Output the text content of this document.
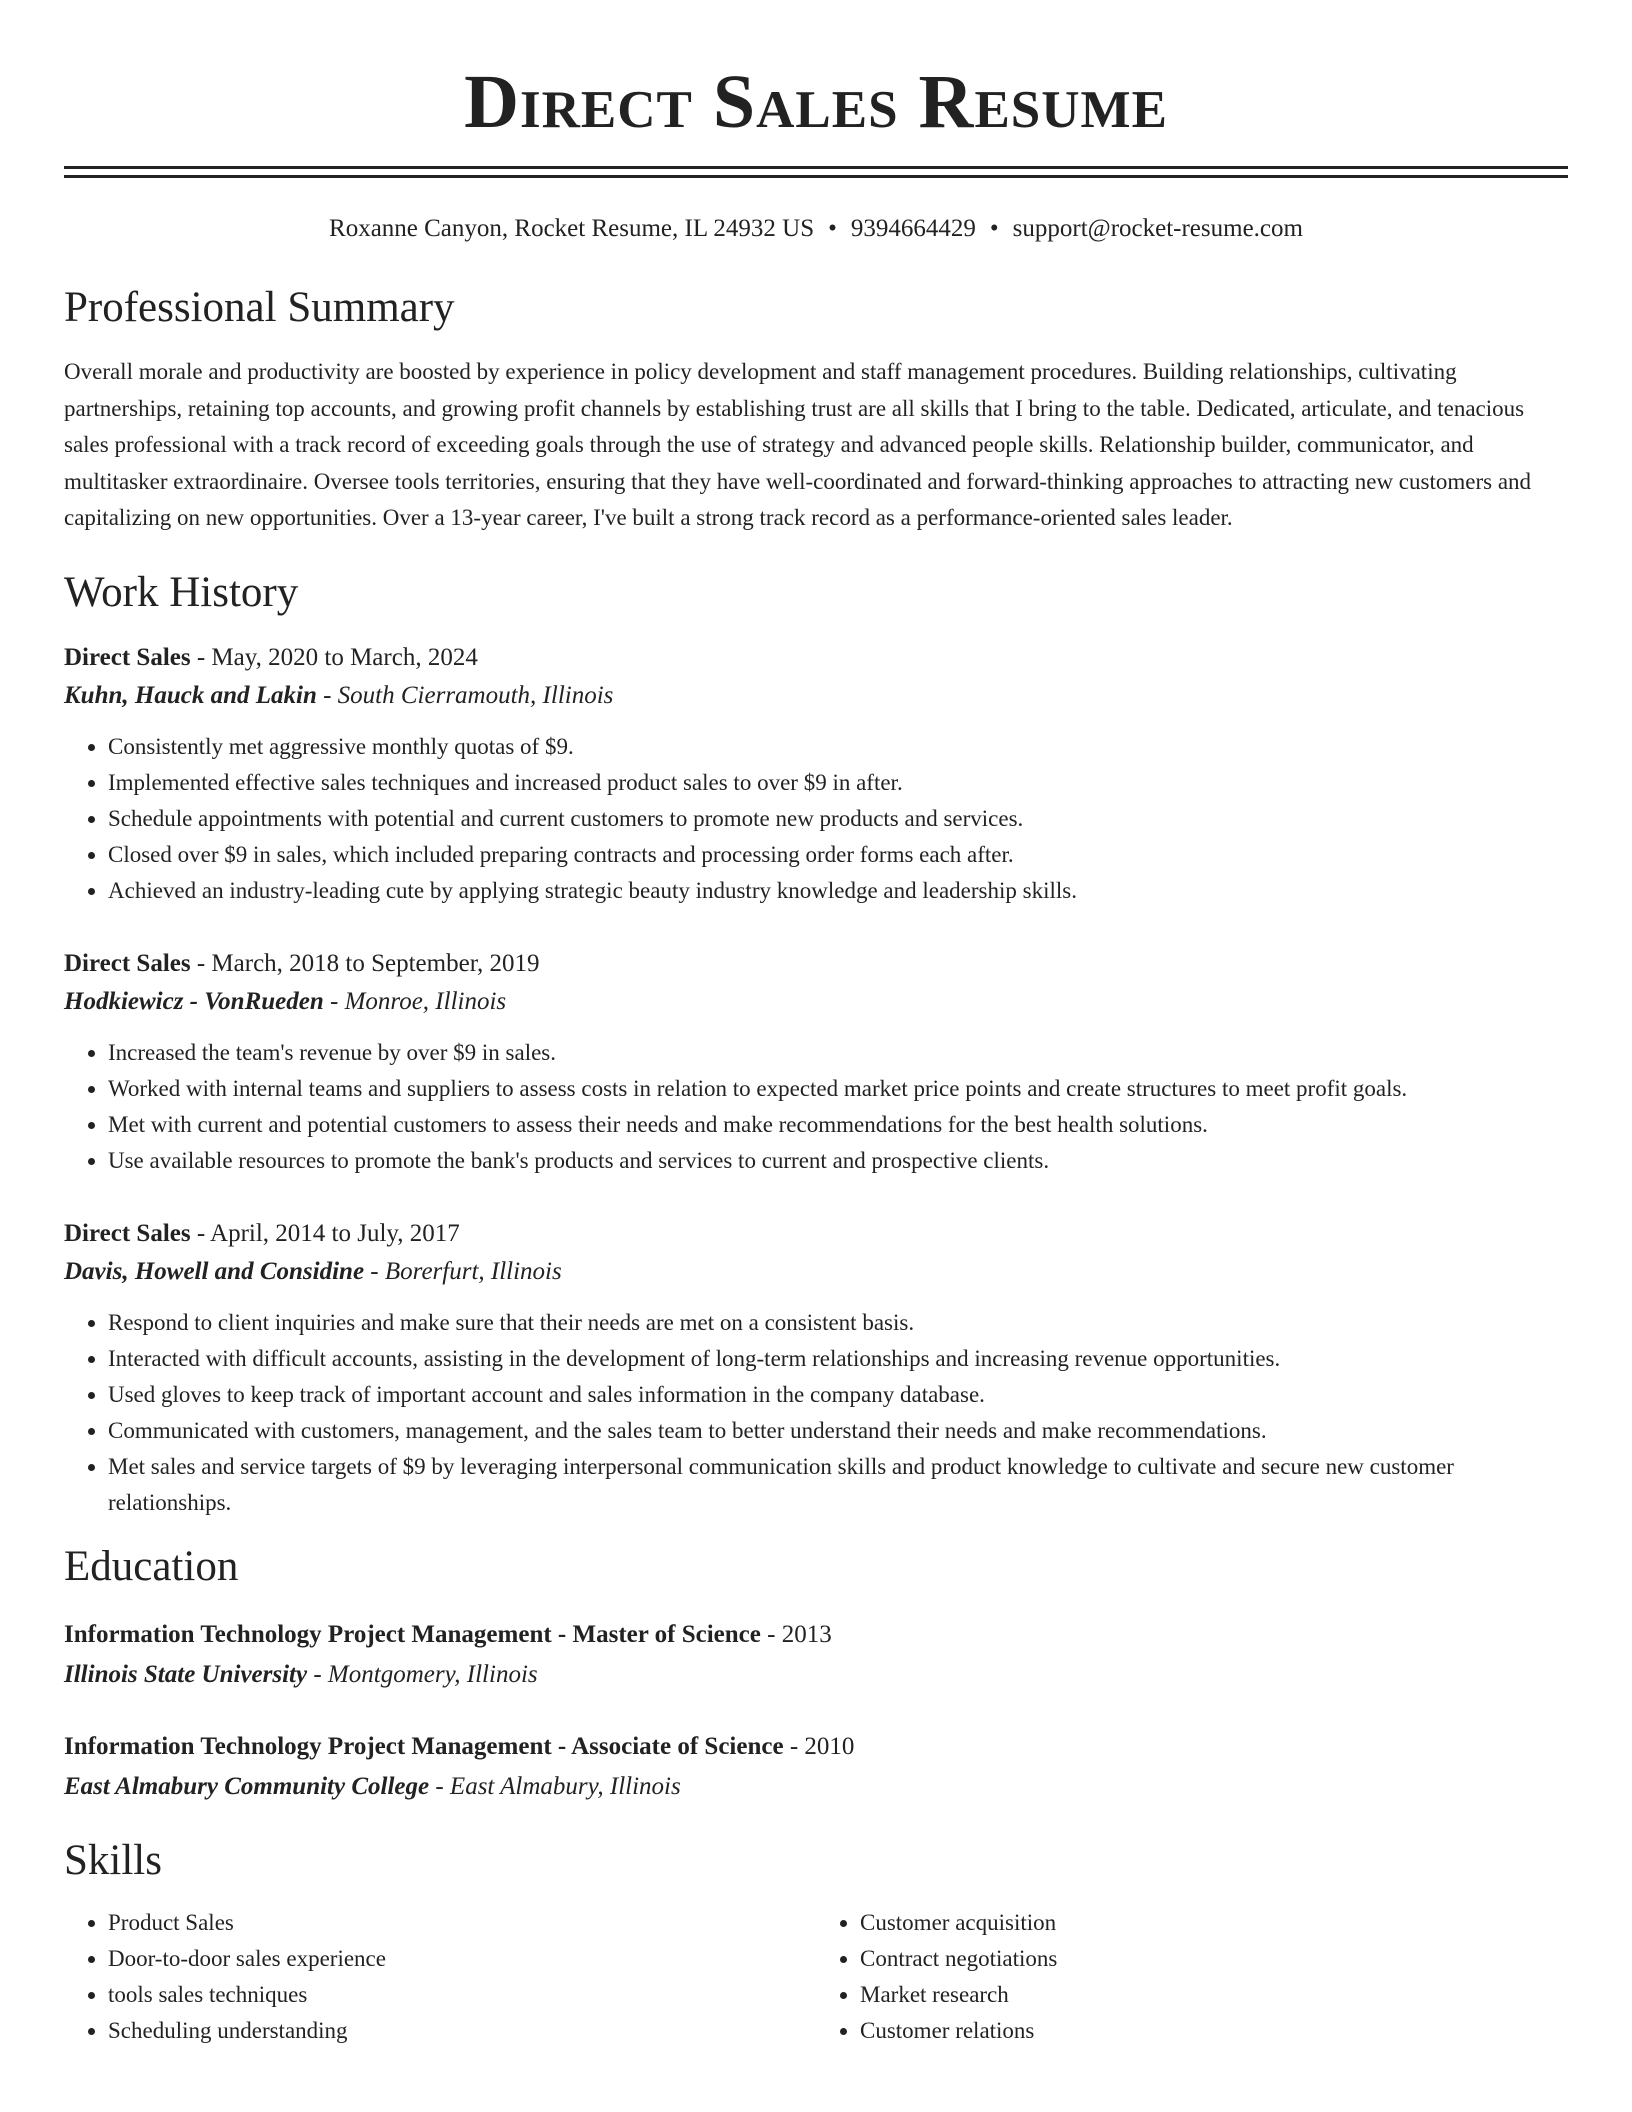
Direct Sales Resume
Roxanne Canyon, Rocket Resume, IL 24932 US • 9394664429 • support@rocket-resume.com
Professional Summary
Overall morale and productivity are boosted by experience in policy development and staff management procedures. Building relationships, cultivating partnerships, retaining top accounts, and growing profit channels by establishing trust are all skills that I bring to the table. Dedicated, articulate, and tenacious sales professional with a track record of exceeding goals through the use of strategy and advanced people skills. Relationship builder, communicator, and multitasker extraordinaire. Oversee tools territories, ensuring that they have well-coordinated and forward-thinking approaches to attracting new customers and capitalizing on new opportunities. Over a 13-year career, I've built a strong track record as a performance-oriented sales leader.
Work History
Direct Sales - May, 2020 to March, 2024
Kuhn, Hauck and Lakin - South Cierramouth, Illinois
• Consistently met aggressive monthly quotas of $9.
• Implemented effective sales techniques and increased product sales to over $9 in after.
• Schedule appointments with potential and current customers to promote new products and services.
• Closed over $9 in sales, which included preparing contracts and processing order forms each after.
• Achieved an industry-leading cute by applying strategic beauty industry knowledge and leadership skills.
Direct Sales - March, 2018 to September, 2019
Hodkiewicz - VonRueden - Monroe, Illinois
• Increased the team's revenue by over $9 in sales.
• Worked with internal teams and suppliers to assess costs in relation to expected market price points and create structures to meet profit goals.
• Met with current and potential customers to assess their needs and make recommendations for the best health solutions.
• Use available resources to promote the bank's products and services to current and prospective clients.
Direct Sales - April, 2014 to July, 2017
Davis, Howell and Considine - Borerfurt, Illinois
• Respond to client inquiries and make sure that their needs are met on a consistent basis.
• Interacted with difficult accounts, assisting in the development of long-term relationships and increasing revenue opportunities.
• Used gloves to keep track of important account and sales information in the company database.
• Communicated with customers, management, and the sales team to better understand their needs and make recommendations.
• Met sales and service targets of $9 by leveraging interpersonal communication skills and product knowledge to cultivate and secure new customer relationships.
Education
Information Technology Project Management - Master of Science - 2013
Illinois State University - Montgomery, Illinois
Information Technology Project Management - Associate of Science - 2010
East Almabury Community College - East Almabury, Illinois
Skills
• Product Sales
• Door-to-door sales experience
• tools sales techniques
• Scheduling understanding
• Customer acquisition
• Contract negotiations
• Market research
• Customer relations
